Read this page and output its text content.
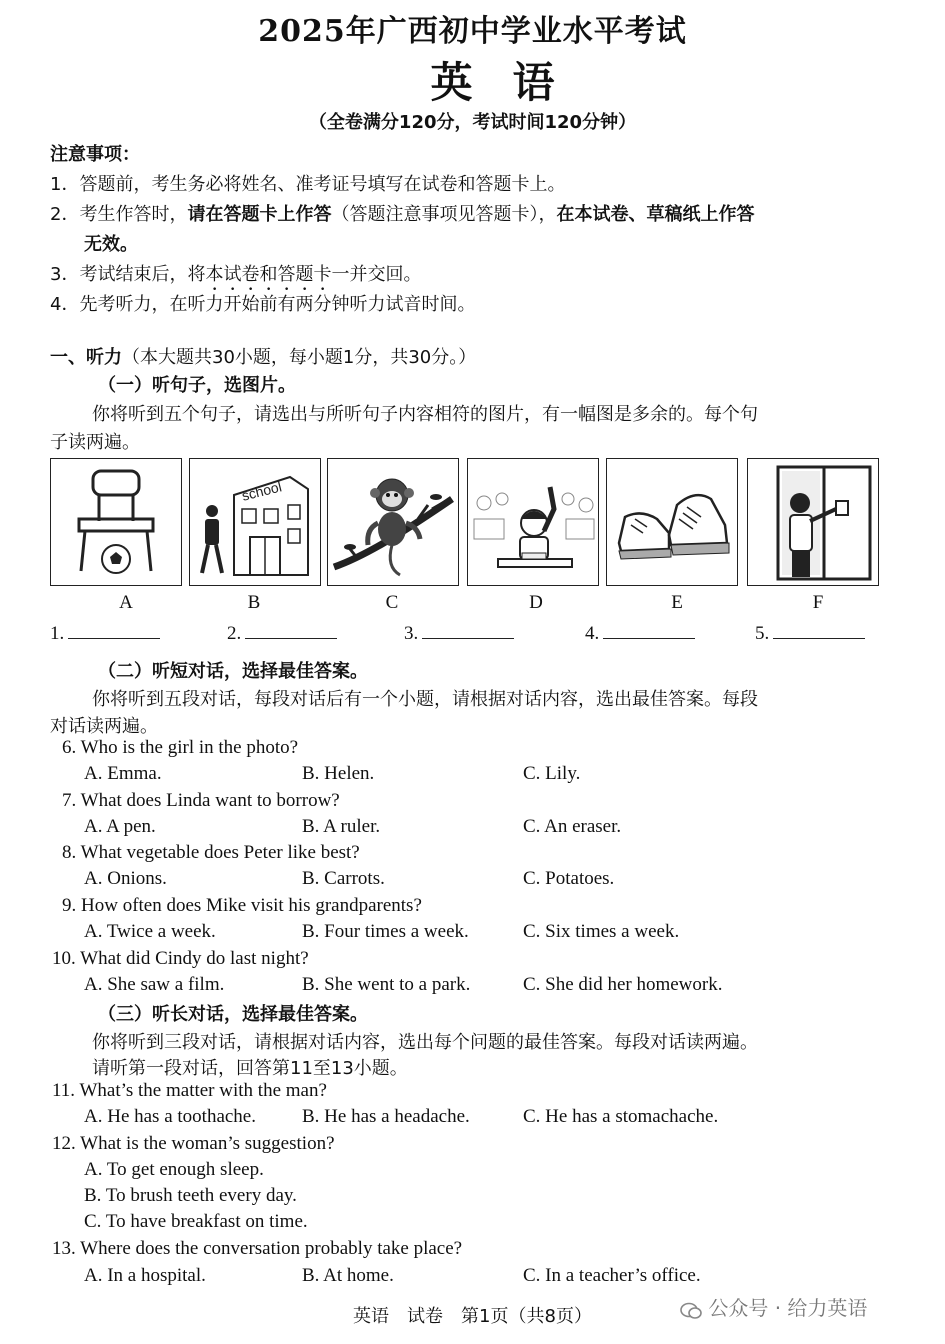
2025年广西初中学业水平考试
英语
（全卷满分120分，考试时间120分钟）
注意事项：
1．答题前，考生务必将姓名、准考证号填写在试卷和答题卡上。
2．考生作答时，请在答题卡上作答（答题注意事项见答题卡），在本试卷、草稿纸上作答
无效。
3．考试结束后，将本试卷和答题卡一并交回。
4．先考听力，在听力开始前有两分钟听力试音时间。
一、听力（本大题共30小题，每小题1分，共30分。）
（一）听句子，选图片。
你将听到五个句子，请选出与所听句子内容相符的图片，有一幅图是多余的。每个句
子读两遍。
school
A	B	C	D	E	F
1.	2.	3.	4.	5.
（二）听短对话，选择最佳答案。
你将听到五段对话，每段对话后有一个小题，请根据对话内容，选出最佳答案。每段
对话读两遍。
6. Who is the girl in the photo?
A. Emma.	B. Helen.	C. Lily.
7. What does Linda want to borrow?
A. A pen.	B. A ruler.	C. An eraser.
8. What vegetable does Peter like best?
A. Onions.	B. Carrots.	C. Potatoes.
9. How often does Mike visit his grandparents?
A. Twice a week.	B. Four times a week.	C. Six times a week.
10. What did Cindy do last night?
A. She saw a film.	B. She went to a park.	C. She did her homework.
（三）听长对话，选择最佳答案。
你将听到三段对话，请根据对话内容，选出每个问题的最佳答案。每段对话读两遍。
请听第一段对话，回答第11至13小题。
11. What’s the matter with the man?
A. He has a toothache. B. He has a headache.	C. He has a stomachache.
12. What is the woman’s suggestion?
A. To get enough sleep.
B. To brush teeth every day.
C. To have breakfast on time.
13. Where does the conversation probably take place?
A. In a hospital.	B. At home.	C. In a teacher’s office.
英语　试卷　第1页（共8页）	公众号 · 给力英语
